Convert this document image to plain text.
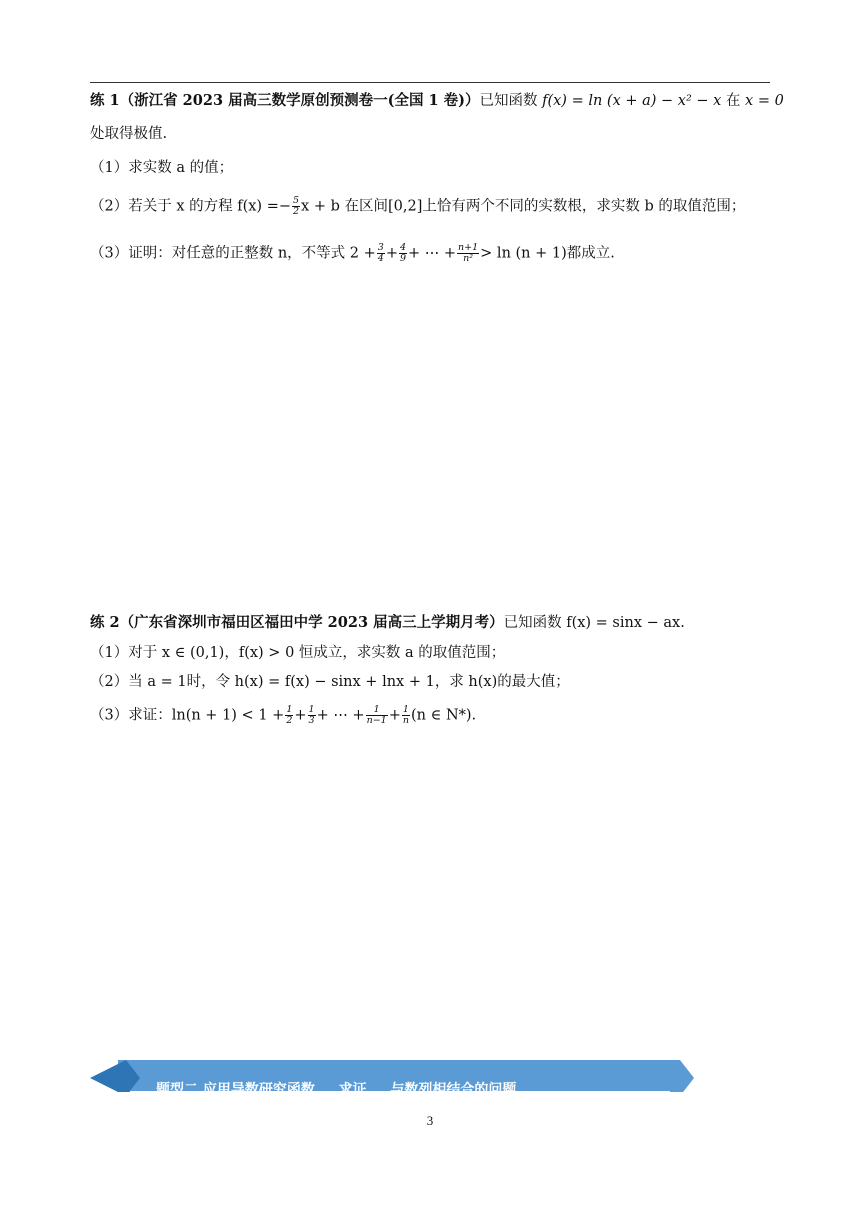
练 1（浙江省 2023 届高三数学原创预测卷一(全国 1 卷)）已知函数 f(x) = ln (x + a) − x² − x 在 x = 0
处取得极值.
（1）求实数 a 的值；
（2）若关于 x 的方程 $f(x) =- \frac{5}{2}$ x + b 在区间[0,2]上恰有两个不同的实数根，求实数 b 的取值范围；
（3）证明：对任意的正整数 n，不等式 $2 + \frac{3}{4} + \frac{4}{9}$ + ⋯ + $\frac{n+1}{\text{n²}} > \ln (n + 1)$都成立.
练 2（广东省深圳市福田区福田中学 2023 届高三上学期月考）已知函数 f(x) = sinx − ax.
（1）对于 x ∈ (0,1)，f(x) > 0 恒成立，求实数 a 的取值范围；
（2）当 a = 1时，令 h(x) = f(x) − sinx + lnx + 1，求 h(x)的最大值；
（3）求证：$\ln(n + 1) < 1 + \frac{1}{2} + \frac{1}{3}$ + ⋯ + $\frac{1}{n-1} + \frac{1}{n} (n$ ∈ N*).
题型二 应用导数研究函数 … 求证 … 与数列相结合的问题
3
